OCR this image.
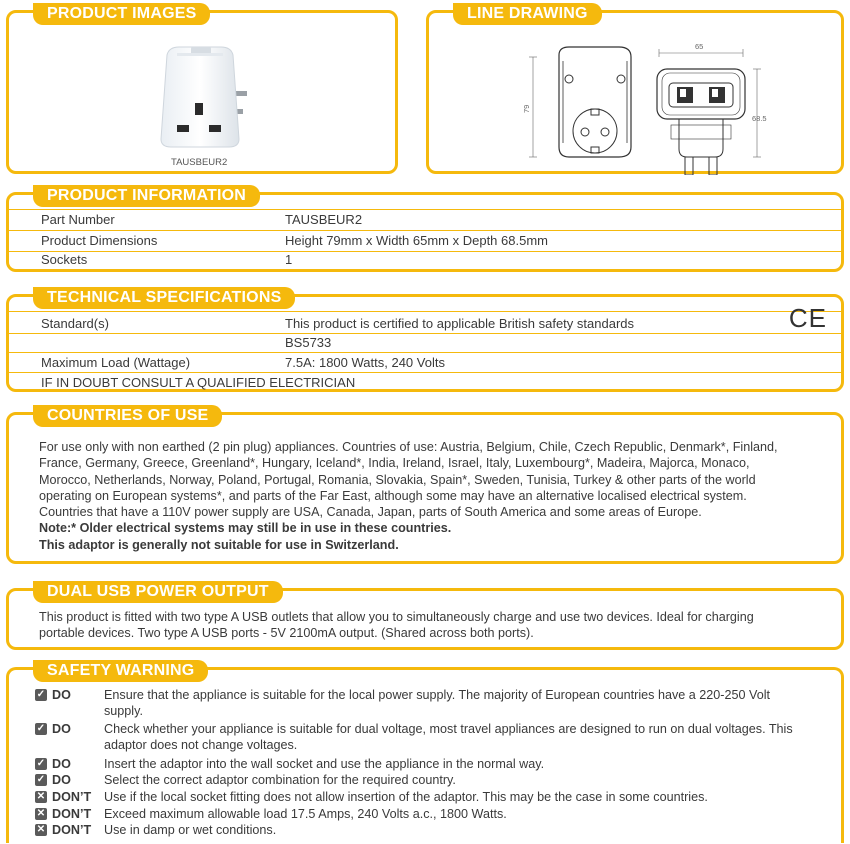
PRODUCT IMAGES
TAUSBEUR2
LINE DRAWING
79
65
68.5
PRODUCT INFORMATION
Part Number	TAUSBEUR2
Product Dimensions	Height 79mm x Width 65mm x Depth 68.5mm
Sockets	1
TECHNICAL SPECIFICATIONS
Standard(s)	This product is certified to applicable British safety standards
BS5733
Maximum Load (Wattage)	7.5A: 1800 Watts, 240 Volts
IF IN DOUBT CONSULT A QUALIFIED ELECTRICIAN
CE
COUNTRIES OF USE
For use only with non earthed (2 pin plug) appliances. Countries of use: Austria, Belgium, Chile, Czech Republic, Denmark*, Finland,
France, Germany, Greece, Greenland*, Hungary, Iceland*, India, Ireland, Israel, Italy, Luxembourg*, Madeira, Majorca, Monaco,
Morocco, Netherlands, Norway, Poland, Portugal, Romania, Slovakia, Spain*, Sweden, Tunisia, Turkey & other parts of the world
operating on European systems*, and parts of the Far East, although some may have an alternative localised electrical system.
Countries that have a 110V power supply are USA, Canada, Japan, parts of South America and some areas of Europe.
Note:* Older electrical systems may still be in use in these countries.
This adaptor is generally not suitable for use in Switzerland.
DUAL USB POWER OUTPUT
This product is fitted with two type A USB outlets that allow you to simultaneously charge and use two devices. Ideal for charging
portable devices. Two type A USB ports - 5V 2100mA output. (Shared across both ports).
SAFETY WARNING
✓ DO	Ensure that the appliance is suitable for the local power supply. The majority of European countries have a 220-250 Volt supply.
✓ DO	Check whether your appliance is suitable for dual voltage, most travel appliances are designed to run on dual voltages. This adaptor does not change voltages.
✓ DO	Insert the adaptor into the wall socket and use the appliance in the normal way.
✓ DO	Select the correct adaptor combination for the required country.
✕ DON’T Use if the local socket fitting does not allow insertion of the adaptor. This may be the case in some countries.
✕ DON’T Exceed maximum allowable load 17.5 Amps, 240 Volts a.c., 1800 Watts.
✕ DON’T Use in damp or wet conditions.
